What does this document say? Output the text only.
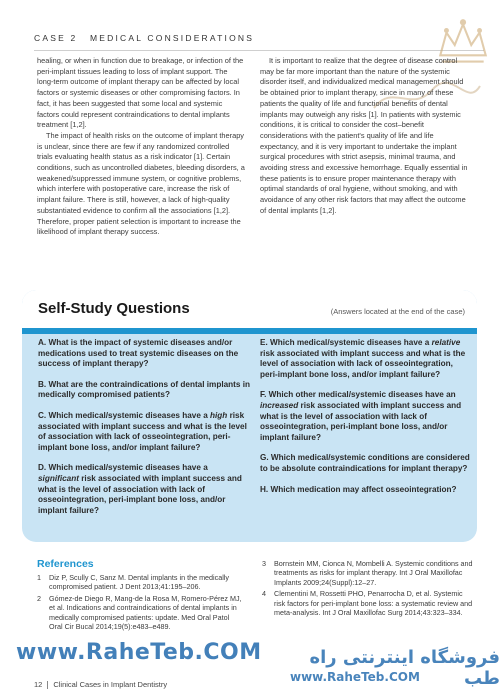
CASE 2 MEDICAL CONSIDERATIONS

healing, or when in function due to breakage, or infection of the peri-implant tissues leading to loss of implant support. The long-term outcome of implant therapy can be affected by local factors or systemic diseases or other compromising factors. In fact, it has been suggested that some local and systemic factors could represent contraindications to dental implants treatment [1,2].

The impact of health risks on the outcome of implant therapy is unclear, since there are few if any randomized controlled trials evaluating health status as a risk indicator [1]. Certain conditions, such as uncontrolled diabetes, bleeding disorders, a weakened/suppressed immune system, or cognitive problems, which interfere with postoperative care, increase the risk of implant failure. There is still, however, a lack of high-quality substantiated evidence to confirm all the associations [1,2]. Therefore, proper patient selection is important to increase the likelihood of implant therapy success.

It is important to realize that the degree of disease control may be far more important than the nature of the systemic disorder itself, and individualized medical management should be obtained prior to implant therapy, since in many of these patients the quality of life and functional benefits of dental implants may outweigh any risks [1]. In patients with systemic conditions, it is critical to consider the cost–benefit considerations with the patient's quality of life and life expectancy, and it is very important to undertake the implant surgical procedures with strict asepsis, minimal trauma, and avoiding stress and excessive hemorrhage. Equally essential in these patients is to ensure proper maintenance therapy with optimal standards of oral hygiene, without smoking, and with avoidance of any other risk factors that may affect the outcome of dental implants [1,2].

Self-Study Questions	(Answers located at the end of the case)

A. What is the impact of systemic diseases and/or medications used to treat systemic diseases on the success of implant therapy?

B. What are the contraindications of dental implants in medically compromised patients?

C. Which medical/systemic diseases have a high risk associated with implant success and what is the level of association with lack of osseointegration, peri-implant bone loss, and/or implant failure?

D. Which medical/systemic diseases have a significant risk associated with implant success and what is the level of association with lack of osseointegration, peri-implant bone loss, and/or implant failure?

E. Which medical/systemic diseases have a relative risk associated with implant success and what is the level of association with lack of osseointegration, peri-implant bone loss, and/or implant failure?

F. Which other medical/systemic diseases have an increased risk associated with implant success and what is the level of association with lack of osseointegration, peri-implant bone loss, and/or implant failure?

G. Which medical/systemic conditions are considered to be absolute contraindications for implant therapy?

H. Which medication may affect osseointegration?

References
1	Diz P, Scully C, Sanz M. Dental implants in the medically compromised patient. J Dent 2013;41:195–206.
2	Gómez-de Diego R, Mang-de la Rosa M, Romero-Pérez MJ, et al. Indications and contraindications of dental implants in medically compromised patients: update. Med Oral Patol Oral Cir Bucal 2014;19(5):e483–e489.
3	Bornstein MM, Cionca N, Mombelli A. Systemic conditions and treatments as risks for implant therapy. Int J Oral Maxillofac Implants 2009;24(Suppl):12–27.
4	Clementini M, Rossetti PHO, Penarrocha D, et al. Systemic risk factors for peri-implant bone loss: a systematic review and meta-analysis. Int J Oral Maxillofac Surg 2014;43:323–334.
www.RaheTeb.COM	فروشگاه اینترنتی راه طب
www.RaheTeb.COM
12 Clinical Cases in Implant Dentistry
